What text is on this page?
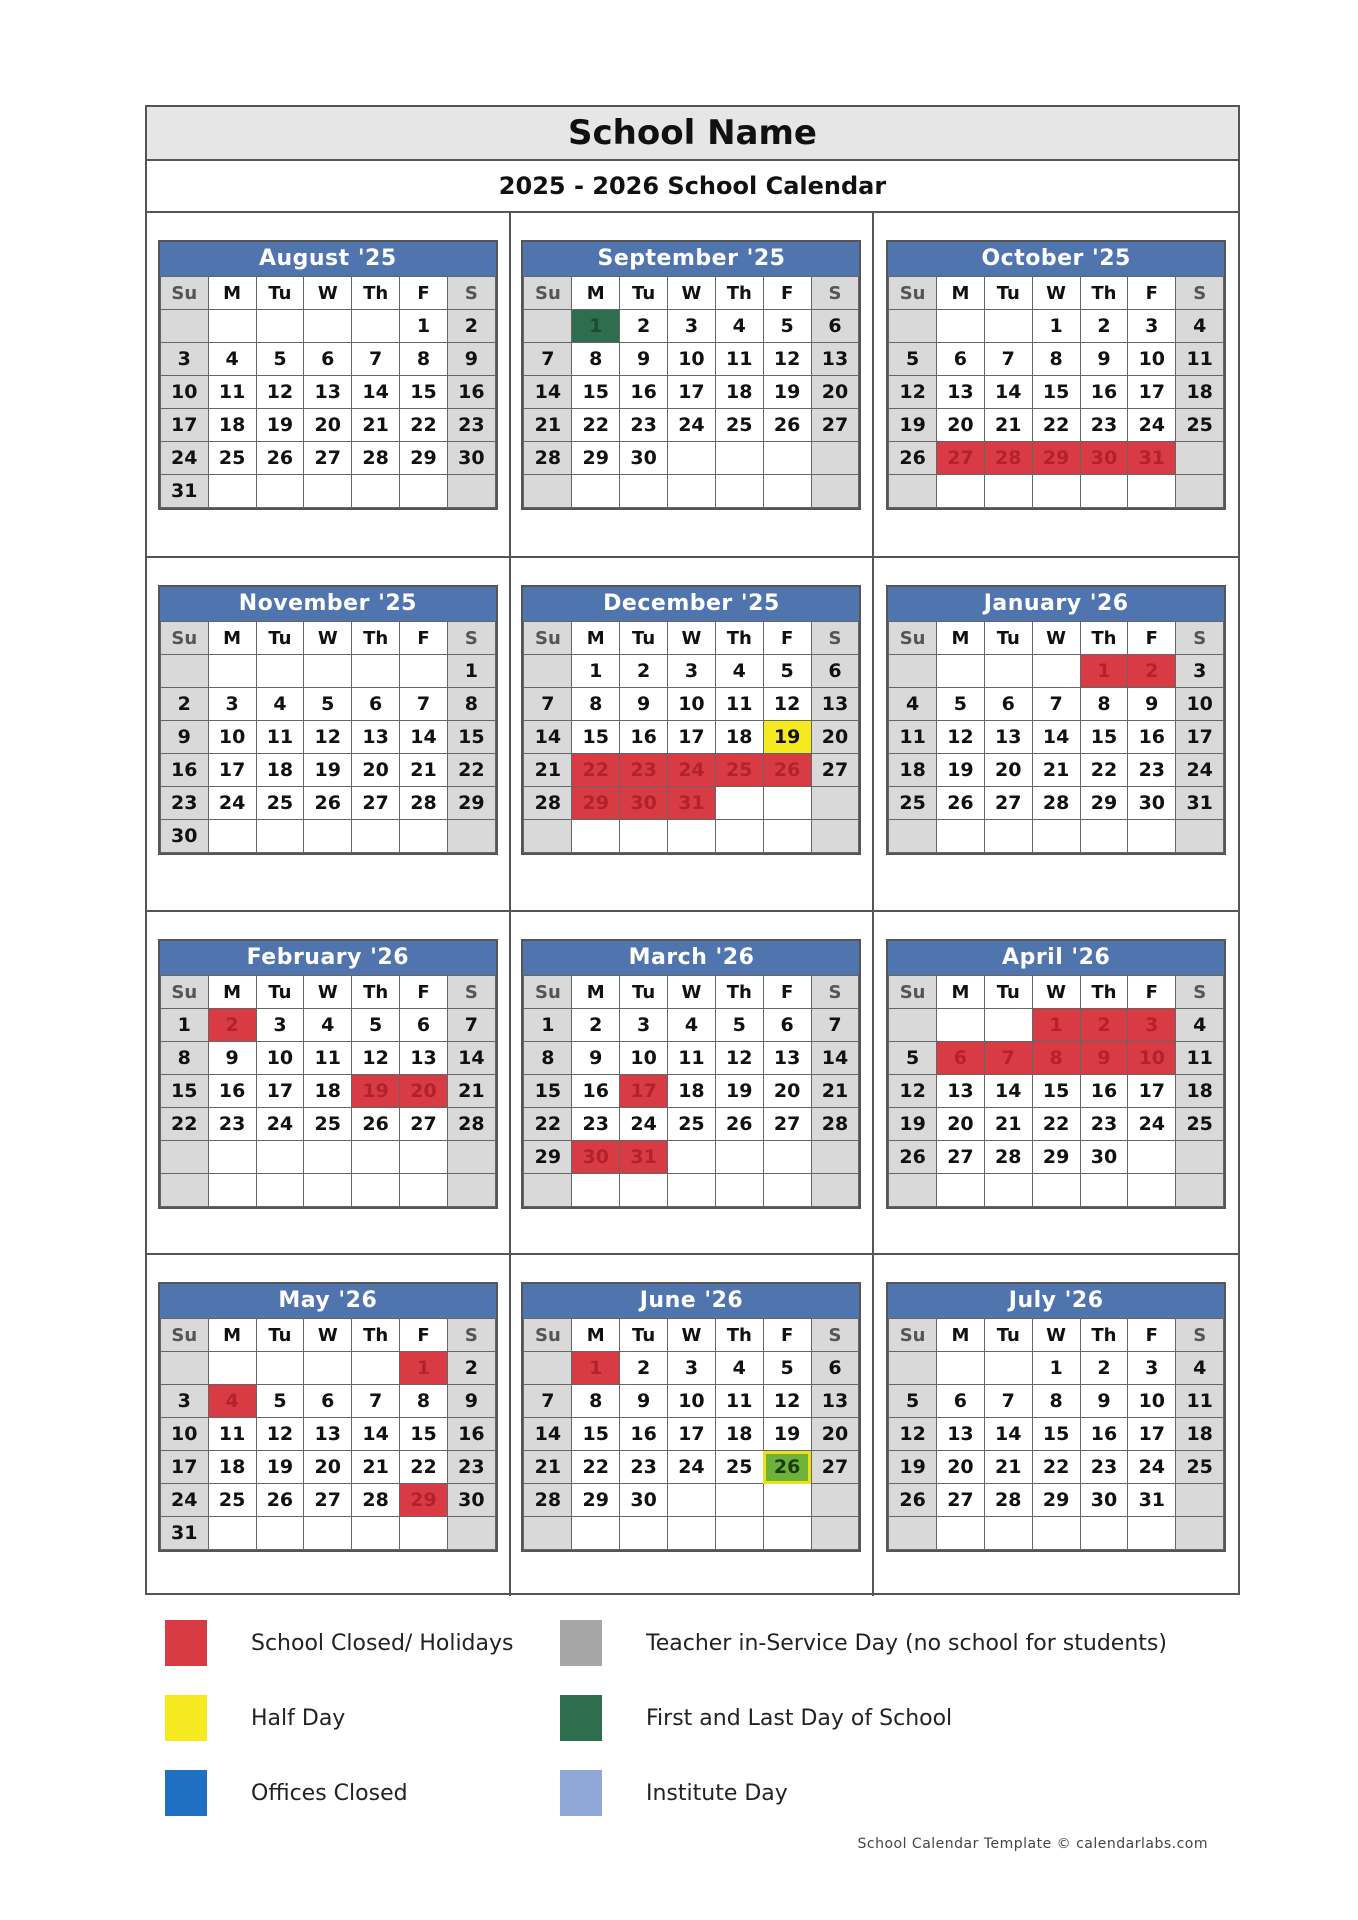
School Name
2025 - 2026 School Calendar
August '25
Su	M	Tu	W	Th	F	S
					1	2
3	4	5	6	7	8	9
10	11	12	13	14	15	16
17	18	19	20	21	22	23
24	25	26	27	28	29	30
31						
September '25
Su	M	Tu	W	Th	F	S
	1	2	3	4	5	6
7	8	9	10	11	12	13
14	15	16	17	18	19	20
21	22	23	24	25	26	27
28	29	30				

October '25
Su	M	Tu	W	Th	F	S
			1	2	3	4
5	6	7	8	9	10	11
12	13	14	15	16	17	18
19	20	21	22	23	24	25
26	27	28	29	30	31	

November '25
Su	M	Tu	W	Th	F	S
						1
2	3	4	5	6	7	8
9	10	11	12	13	14	15
16	17	18	19	20	21	22
23	24	25	26	27	28	29
30						
December '25
Su	M	Tu	W	Th	F	S
	1	2	3	4	5	6
7	8	9	10	11	12	13
14	15	16	17	18	19	20
21	22	23	24	25	26	27
28	29	30	31			

January '26
Su	M	Tu	W	Th	F	S
				1	2	3
4	5	6	7	8	9	10
11	12	13	14	15	16	17
18	19	20	21	22	23	24
25	26	27	28	29	30	31

February '26
Su	M	Tu	W	Th	F	S
1	2	3	4	5	6	7
8	9	10	11	12	13	14
15	16	17	18	19	20	21
22	23	24	25	26	27	28

March '26
Su	M	Tu	W	Th	F	S
1	2	3	4	5	6	7
8	9	10	11	12	13	14
15	16	17	18	19	20	21
22	23	24	25	26	27	28
29	30	31				

April '26
Su	M	Tu	W	Th	F	S
			1	2	3	4
5	6	7	8	9	10	11
12	13	14	15	16	17	18
19	20	21	22	23	24	25
26	27	28	29	30		

May '26
Su	M	Tu	W	Th	F	S
					1	2
3	4	5	6	7	8	9
10	11	12	13	14	15	16
17	18	19	20	21	22	23
24	25	26	27	28	29	30
31						
June '26
Su	M	Tu	W	Th	F	S
	1	2	3	4	5	6
7	8	9	10	11	12	13
14	15	16	17	18	19	20
21	22	23	24	25	26	27
28	29	30				

July '26
Su	M	Tu	W	Th	F	S
			1	2	3	4
5	6	7	8	9	10	11
12	13	14	15	16	17	18
19	20	21	22	23	24	25
26	27	28	29	30	31	

School Closed/ Holidays
Half Day
Offices Closed
Teacher in-Service Day (no school for students)
First and Last Day of School
Institute Day
School Calendar Template © calendarlabs.com
